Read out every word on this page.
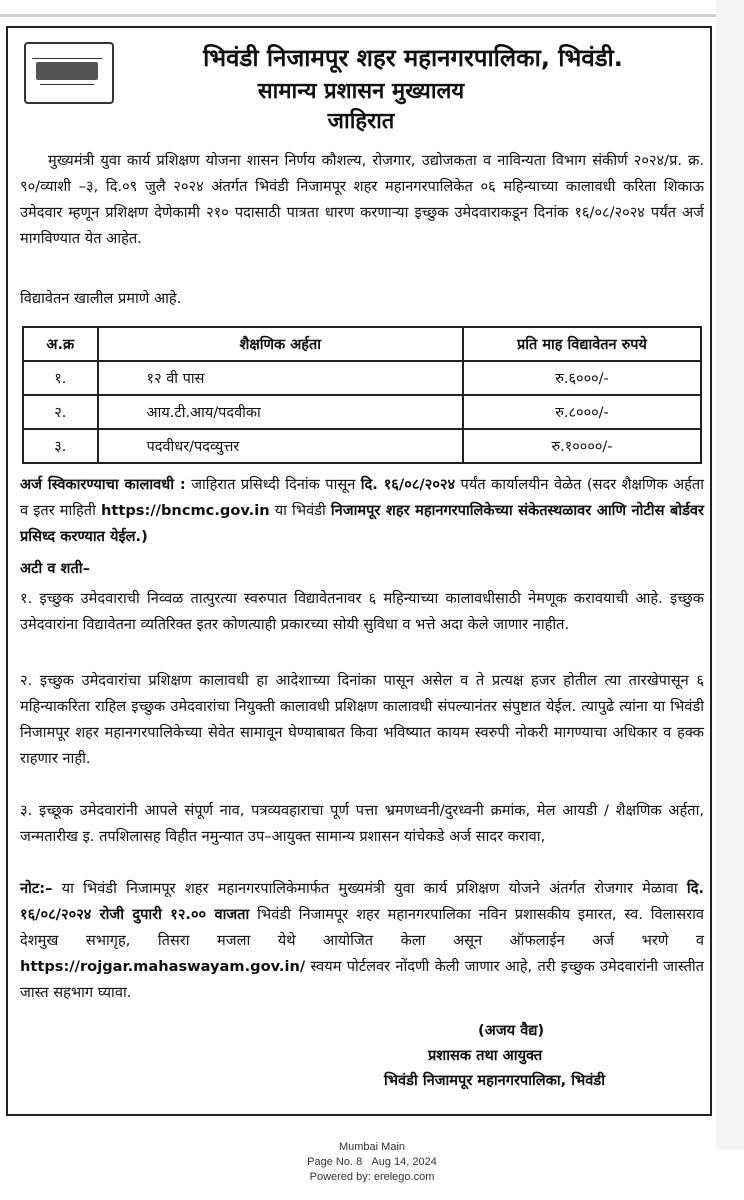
भिवंडी निजामपूर शहर महानगरपालिका, भिवंडी.
सामान्य प्रशासन मुख्यालय
जाहिरात
मुख्यमंत्री युवा कार्य प्रशिक्षण योजना शासन निर्णय कौशल्य, रोजगार, उद्योजकता व नाविन्यता विभाग संकीर्ण २०२४/प्र. क्र. ९०/व्याशी –३, दि.०९ जुलै २०२४ अंतर्गत भिवंडी निजामपूर शहर महानगरपालिकेत ०६ महिन्याच्या कालावधी करिता शिकाऊ उमेदवार म्हणून प्रशिक्षण देणेकामी २१० पदासाठी पात्रता धारण करणाऱ्या इच्छुक उमेदवाराकडून दिनांक १६/०८/२०२४ पर्यंत अर्ज मागविण्यात येत आहेत.
विद्यावेतन खालील प्रमाणे आहे.
अ.क्र	शैक्षणिक अर्हता	प्रति माह विद्यावेतन रुपये
१.	१२ वी पास	रु.६०००/-
२.	आय.टी.आय/पदवीका	रु.८०००/-
३.	पदवीधर/पदव्युत्तर	रु.१००००/-
अर्ज स्विकारण्याचा कालावधी : जाहिरात प्रसिध्दी दिनांक पासून दि. १६/०८/२०२४ पर्यंत कार्यालयीन वेळेत (सदर शैक्षणिक अर्हता व इतर माहिती https://bncmc.gov.in या भिवंडी निजामपूर शहर महानगरपालिकेच्या संकेतस्थळावर आणि नोटीस बोर्डवर प्रसिध्द करण्यात येईल.)
अटी व शती–
१. इच्छुक उमेदवाराची निव्वळ तात्पुरत्या स्वरुपात विद्यावेतनावर ६ महिन्याच्या कालावधीसाठी नेमणूक करावयाची आहे. इच्छुक उमेदवारांना विद्यावेतना व्यतिरिक्त इतर कोणत्याही प्रकारच्या सोयी सुविधा व भत्ते अदा केले जाणार नाहीत.
२. इच्छुक उमेदवारांचा प्रशिक्षण कालावधी हा आदेशाच्या दिनांका पासून असेल व ते प्रत्यक्ष हजर होतील त्या तारखेपासून ६ महिन्याकरिता राहिल इच्छुक उमेदवारांचा नियुक्ती कालावधी प्रशिक्षण कालावधी संपल्यानंतर संपुष्टात येईल. त्यापुढे त्यांना या भिवंडी निजामपूर शहर महानगरपालिकेच्या सेवेत सामावून घेण्याबाबत किवा भविष्यात कायम स्वरुपी नोकरी मागण्याचा अधिकार व हक्क राहणार नाही.
३. इच्छूक उमेदवारांनी आपले संपूर्ण नाव, पत्रव्यवहाराचा पूर्ण पत्ता भ्रमणध्वनी/दुरध्वनी क्रमांक, मेल आयडी / शैक्षणिक अर्हता, जन्मतारीख इ. तपशिलासह विहीत नमुन्यात उप–आयुक्त सामान्य प्रशासन यांचेकडे अर्ज सादर करावा,
नोट:– या भिवंडी निजामपूर शहर महानगरपालिकेमार्फत मुख्यमंत्री युवा कार्य प्रशिक्षण योजने अंतर्गत रोजगार मेळावा दि. १६/०८/२०२४ रोजी दुपारी १२.०० वाजता भिवंडी निजामपूर शहर महानगरपालिका नविन प्रशासकीय इमारत, स्व. विलासराव देशमुख सभागृह, तिसरा मजला येथे आयोजित केला असून ऑफलाईन अर्ज भरणे व https://rojgar.mahaswayam.gov.in/ स्वयम पोर्टलवर नोंदणी केली जाणार आहे, तरी इच्छुक उमेदवारांनी जास्तीत जास्त सहभाग घ्यावा.
(अजय वैद्य)
प्रशासक तथा आयुक्त
भिवंडी निजामपूर महानगरपालिका, भिवंडी
Mumbai Main
Page No. 8 Aug 14, 2024
Powered by: erelego.com
